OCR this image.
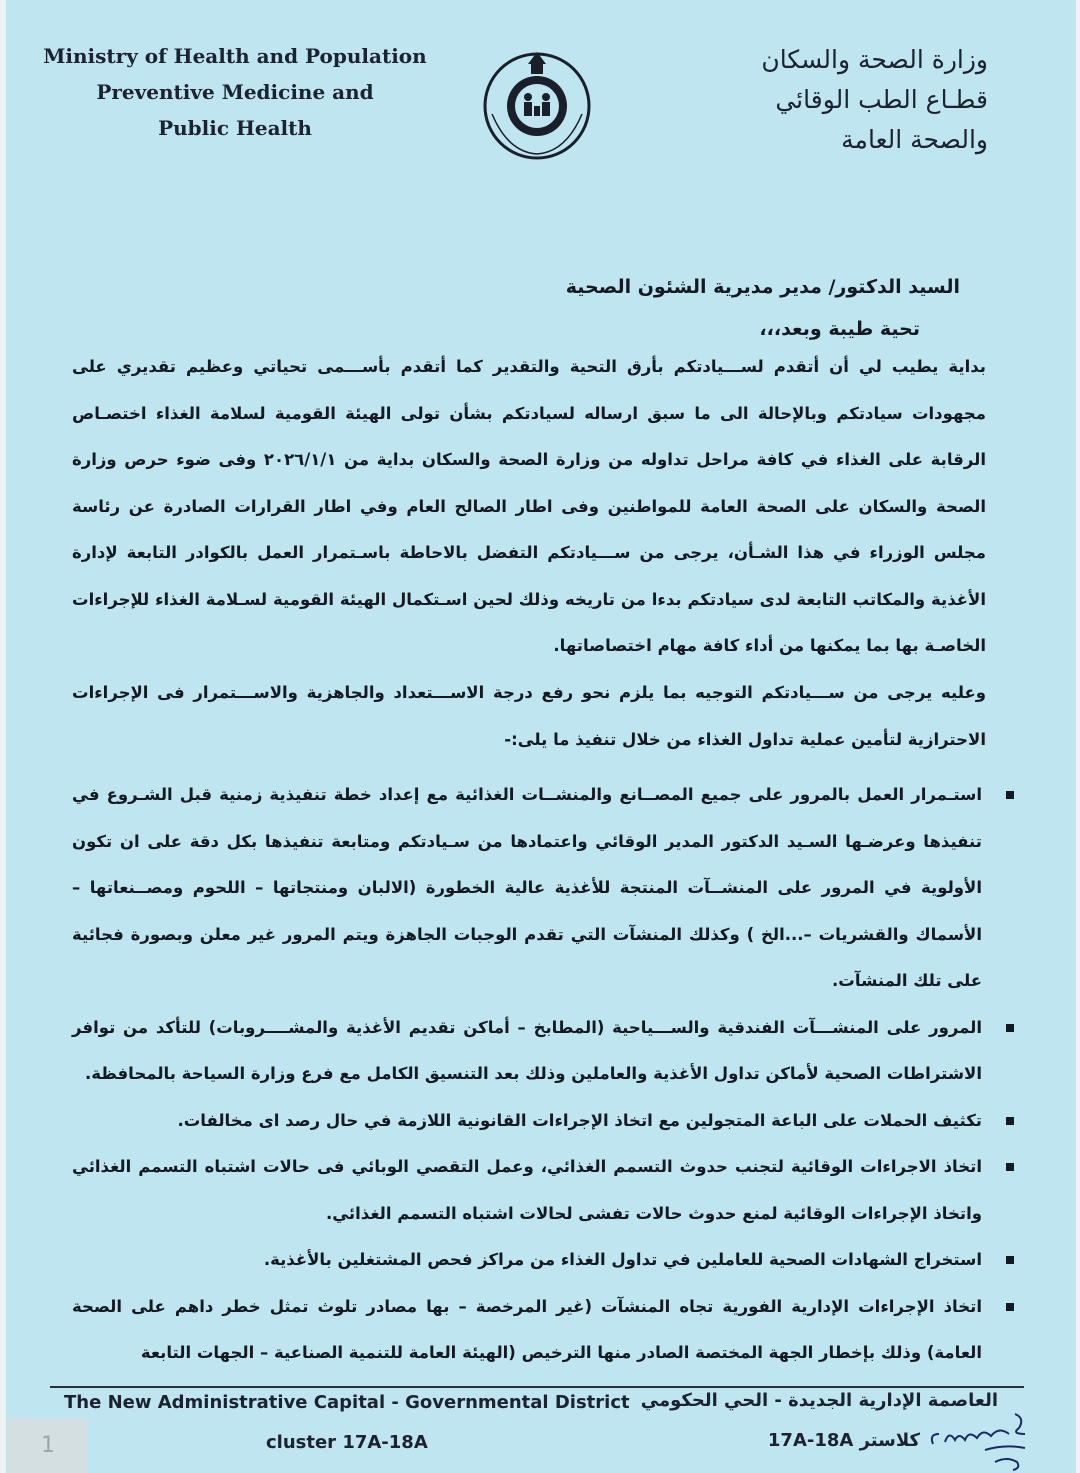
Ministry of Health and Population
Preventive Medicine and
Public Health
وزارة الصحة والسكان
قطـاع الطب الوقائي
والصحة العامة
السيد الدكتور/ مدير مديرية الشئون الصحية
تحية طيبة وبعد،،،
بداية يطيب لي أن أتقدم لســـيادتكم بأرق التحية والتقدير كما أتقدم بأســـمى تحياتي وعظيم تقديري على مجهودات سيادتكم وبالإحالة الى ما سبق ارساله لسيادتكم بشأن تولى الهيئة القومية لسلامة الغذاء اختصـاص الرقابة على الغذاء في كافة مراحل تداوله من وزارة الصحة والسكان بداية من ٢٠٢٦/١/١ وفى ضوء حرص وزارة الصحة والسكان على الصحة العامة للمواطنين وفى اطار الصالح العام وفي اطار القرارات الصادرة عن رئاسة مجلس الوزراء في هذا الشـأن، يرجى من ســـيادتكم التفضل بالاحاطة باسـتمرار العمل بالكوادر التابعة لإدارة الأغذية والمكاتب التابعة لدى سيادتكم بدءا من تاريخه وذلك لحين اسـتكمال الهيئة القومية لسـلامة الغذاء للإجراءات الخاصـة بها بما يمكنها من أداء كافة مهام اختصاصاتها.
وعليه يرجى من ســـيادتكم التوجيه بما يلزم نحو رفع درجة الاســـتعداد والجاهزية والاســـتمرار فى الإجراءات الاحترازية لتأمين عملية تداول الغذاء من خلال تنفيذ ما يلى:-
استـمرار العمل بالمرور على جميع المصــانع والمنشــات الغذائية مع إعداد خطة تنفيذية زمنية قبل الشـروع في تنفيذها وعرضـها السـيد الدكتور المدير الوقائي واعتمادها من سـيادتكم ومتابعة تنفيذها بكل دقة على ان تكون الأولوية في المرور على المنشــآت المنتجة للأغذية عالية الخطورة (الالبان ومنتجاتها – اللحوم ومصــنعاتها – الأسماك والقشريات –...الخ ) وكذلك المنشآت التي تقدم الوجبات الجاهزة ويتم المرور غير معلن وبصورة فجائية على تلك المنشآت.
المرور على المنشـــآت الفندقية والســـياحية (المطابخ – أماكن تقديم الأغذية والمشــــروبات) للتأكد من توافر الاشتراطات الصحية لأماكن تداول الأغذية والعاملين وذلك بعد التنسيق الكامل مع فرع وزارة السياحة بالمحافظة.
تكثيف الحملات على الباعة المتجولين مع اتخاذ الإجراءات القانونية اللازمة في حال رصد اى مخالفات.
اتخاذ الاجراءات الوقائية لتجنب حدوث التسمم الغذائي، وعمل التقصي الوبائي فى حالات اشتباه التسمم الغذائي واتخاذ الإجراءات الوقائية لمنع حدوث حالات تفشى لحالات اشتباه التسمم الغذائي.
استخراج الشهادات الصحية للعاملين في تداول الغذاء من مراكز فحص المشتغلين بالأغذية.
اتخاذ الإجراءات الإدارية الفورية تجاه المنشآت (غير المرخصة – بها مصادر تلوث تمثل خطر داهم على الصحة العامة) وذلك بإخطار الجهة المختصة الصادر منها الترخيص (الهيئة العامة للتنمية الصناعية – الجهات التابعة
The New Administrative Capital - Governmental District
cluster 17A-18A
العاصمة الإدارية الجديدة - الحي الحكومي
كلاستر 17A-18A
1
